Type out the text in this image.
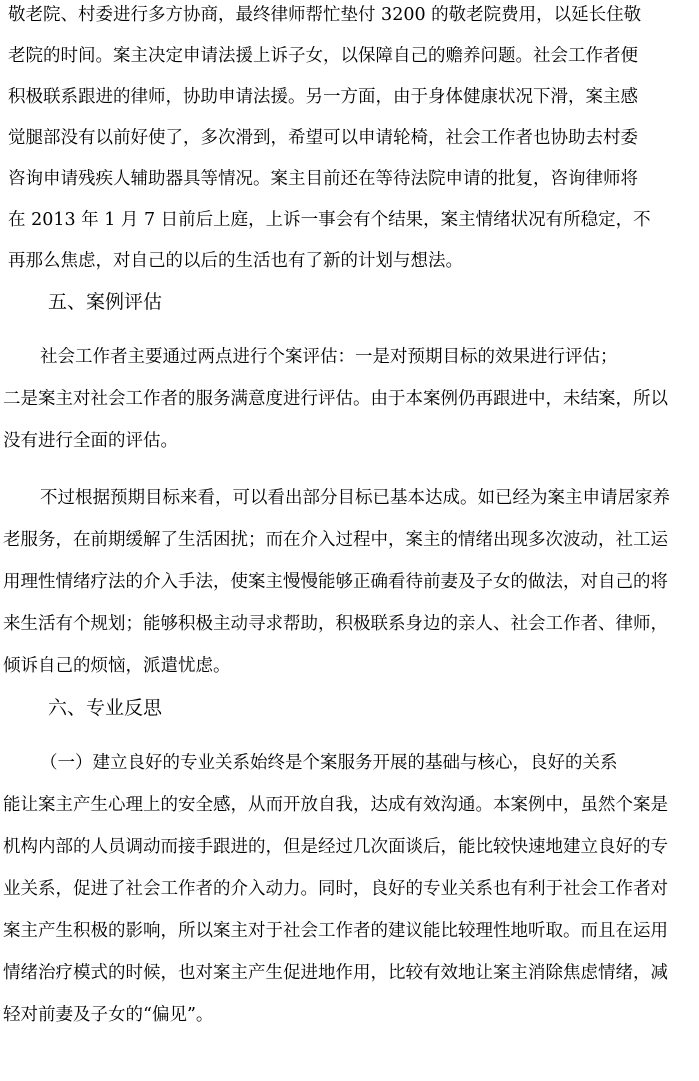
敬老院、村委进行多方协商，最终律师帮忙垫付 3200 的敬老院费用，以延长住敬
老院的时间。案主决定申请法援上诉子女，以保障自己的赡养问题。社会工作者便
积极联系跟进的律师，协助申请法援。另一方面，由于身体健康状况下滑，案主感
觉腿部没有以前好使了，多次滑到，希望可以申请轮椅，社会工作者也协助去村委
咨询申请残疾人辅助器具等情况。案主目前还在等待法院申请的批复，咨询律师将
在 2013 年 1 月 7 日前后上庭，上诉一事会有个结果，案主情绪状况有所稳定，不
再那么焦虑，对自己的以后的生活也有了新的计划与想法。
五、案例评估
社会工作者主要通过两点进行个案评估：一是对预期目标的效果进行评估；
二是案主对社会工作者的服务满意度进行评估。由于本案例仍再跟进中，未结案，所以
没有进行全面的评估。
不过根据预期目标来看，可以看出部分目标已基本达成。如已经为案主申请居家养
老服务，在前期缓解了生活困扰；而在介入过程中，案主的情绪出现多次波动，社工运
用理性情绪疗法的介入手法，使案主慢慢能够正确看待前妻及子女的做法，对自己的将
来生活有个规划；能够积极主动寻求帮助，积极联系身边的亲人、社会工作者、律师，
倾诉自己的烦恼，派遣忧虑。
六、专业反思
（一）建立良好的专业关系始终是个案服务开展的基础与核心，良好的关系
能让案主产生心理上的安全感，从而开放自我，达成有效沟通。本案例中，虽然个案是
机构内部的人员调动而接手跟进的，但是经过几次面谈后，能比较快速地建立良好的专
业关系，促进了社会工作者的介入动力。同时，良好的专业关系也有利于社会工作者对
案主产生积极的影响，所以案主对于社会工作者的建议能比较理性地听取。而且在运用
情绪治疗模式的时候，也对案主产生促进地作用，比较有效地让案主消除焦虑情绪，减
轻对前妻及子女的“偏见”。
